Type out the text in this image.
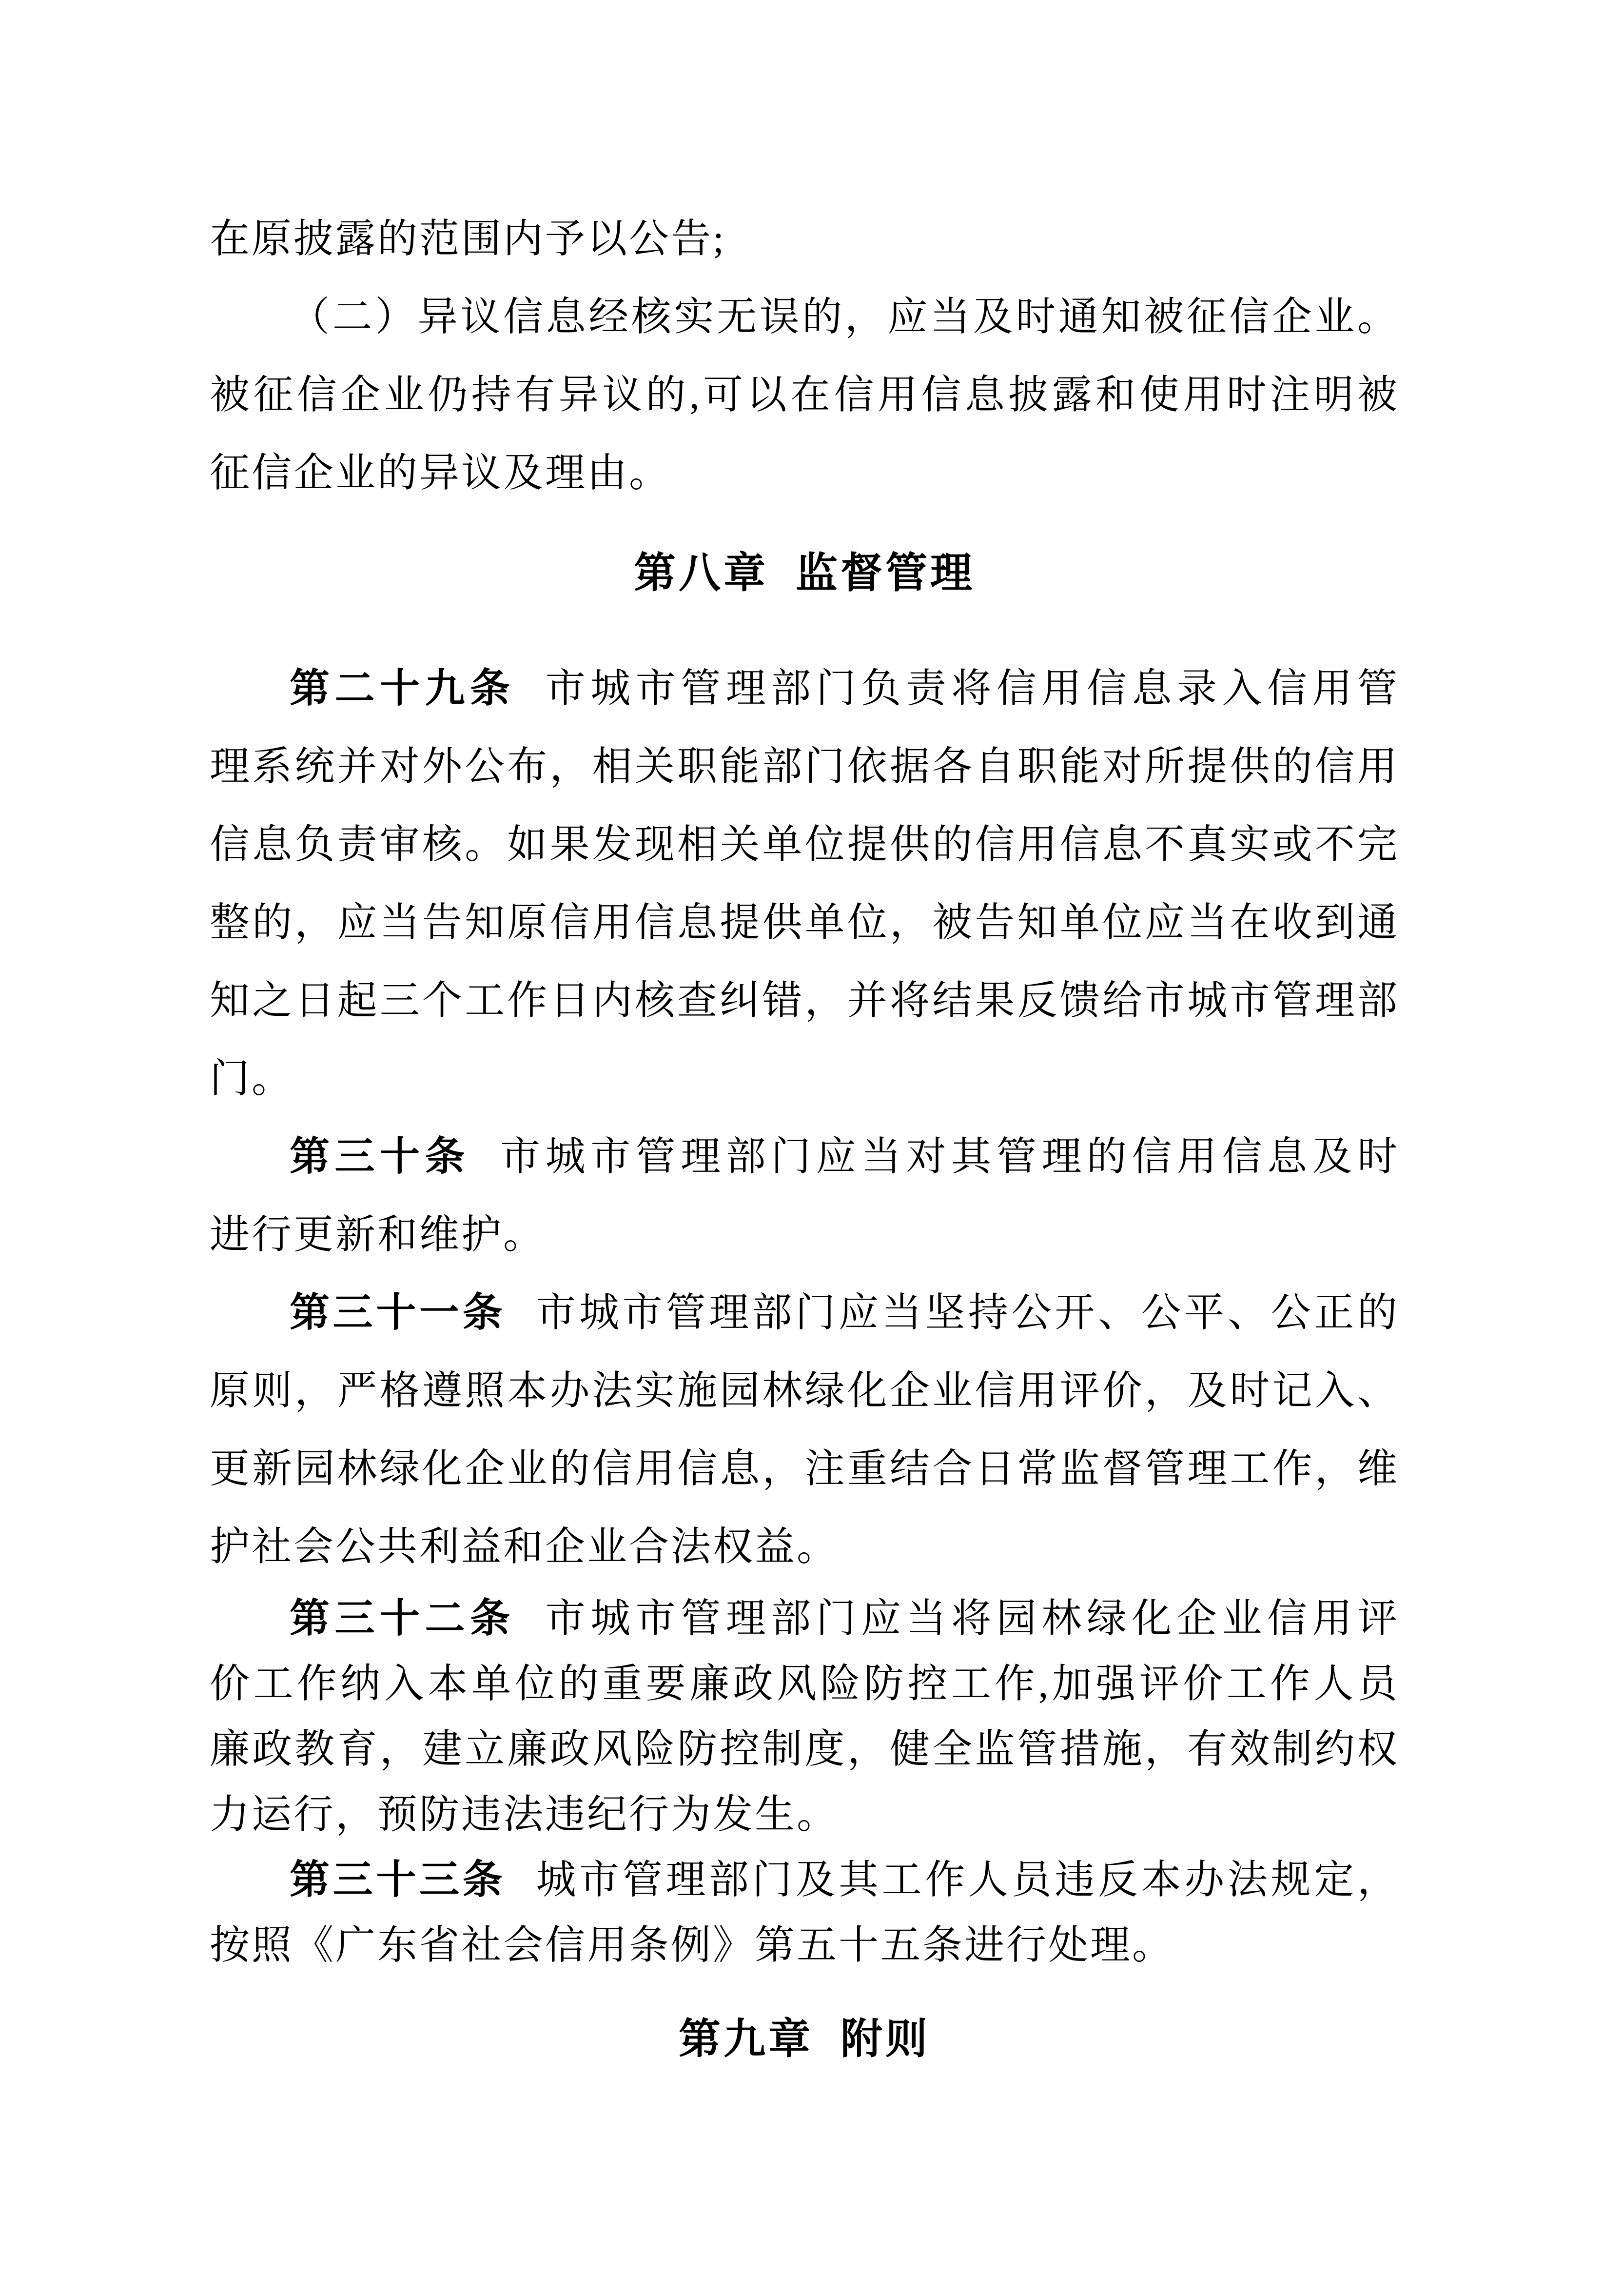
在原披露的范围内予以公告;
（二）异议信息经核实无误的，应当及时通知被征信企业。
被征信企业仍持有异议的,可以在信用信息披露和使用时注明被
征信企业的异议及理由。
第八章 监督管理
第二十九条 市城市管理部门负责将信用信息录入信用管
理系统并对外公布，相关职能部门依据各自职能对所提供的信用
信息负责审核。如果发现相关单位提供的信用信息不真实或不完
整的，应当告知原信用信息提供单位，被告知单位应当在收到通
知之日起三个工作日内核查纠错，并将结果反馈给市城市管理部
门。
第三十条 市城市管理部门应当对其管理的信用信息及时
进行更新和维护。
第三十一条 市城市管理部门应当坚持公开、公平、公正的
原则，严格遵照本办法实施园林绿化企业信用评价，及时记入、
更新园林绿化企业的信用信息，注重结合日常监督管理工作，维
护社会公共利益和企业合法权益。
第三十二条 市城市管理部门应当将园林绿化企业信用评
价工作纳入本单位的重要廉政风险防控工作,加强评价工作人员
廉政教育，建立廉政风险防控制度，健全监管措施，有效制约权
力运行，预防违法违纪行为发生。
第三十三条 城市管理部门及其工作人员违反本办法规定，
按照《广东省社会信用条例》第五十五条进行处理。
第九章 附则
